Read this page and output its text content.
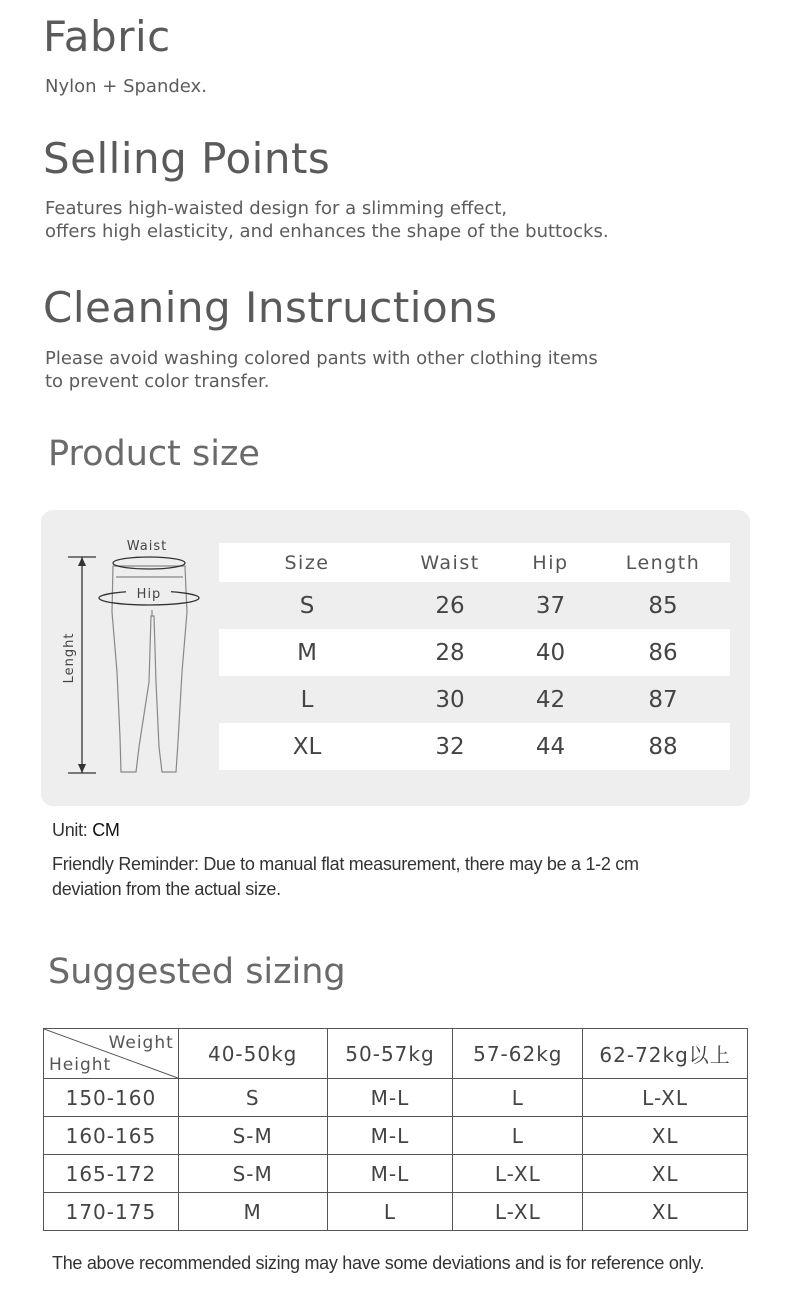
Fabric
Nylon + Spandex.
Selling Points
Features high-waisted design for a slimming effect,
offers high elasticity, and enhances the shape of the buttocks.
Cleaning Instructions
Please avoid washing colored pants with other clothing items
to prevent color transfer.
Product size
Waist
Hip
Lenght
Size	Waist	Hip	Length
S	26	37	85
M	28	40	86
L	30	42	87
XL	32	44	88
Unit: CM
Friendly Reminder: Due to manual flat measurement, there may be a 1-2 cm
deviation from the actual size.
Suggested sizing
Weight
Height	40-50kg	50-57kg	57-62kg	62-72kg以上
150-160	S	M-L	L	L-XL
160-165	S-M	M-L	L	XL
165-172	S-M	M-L	L-XL	XL
170-175	M	L	L-XL	XL
The above recommended sizing may have some deviations and is for reference only.
